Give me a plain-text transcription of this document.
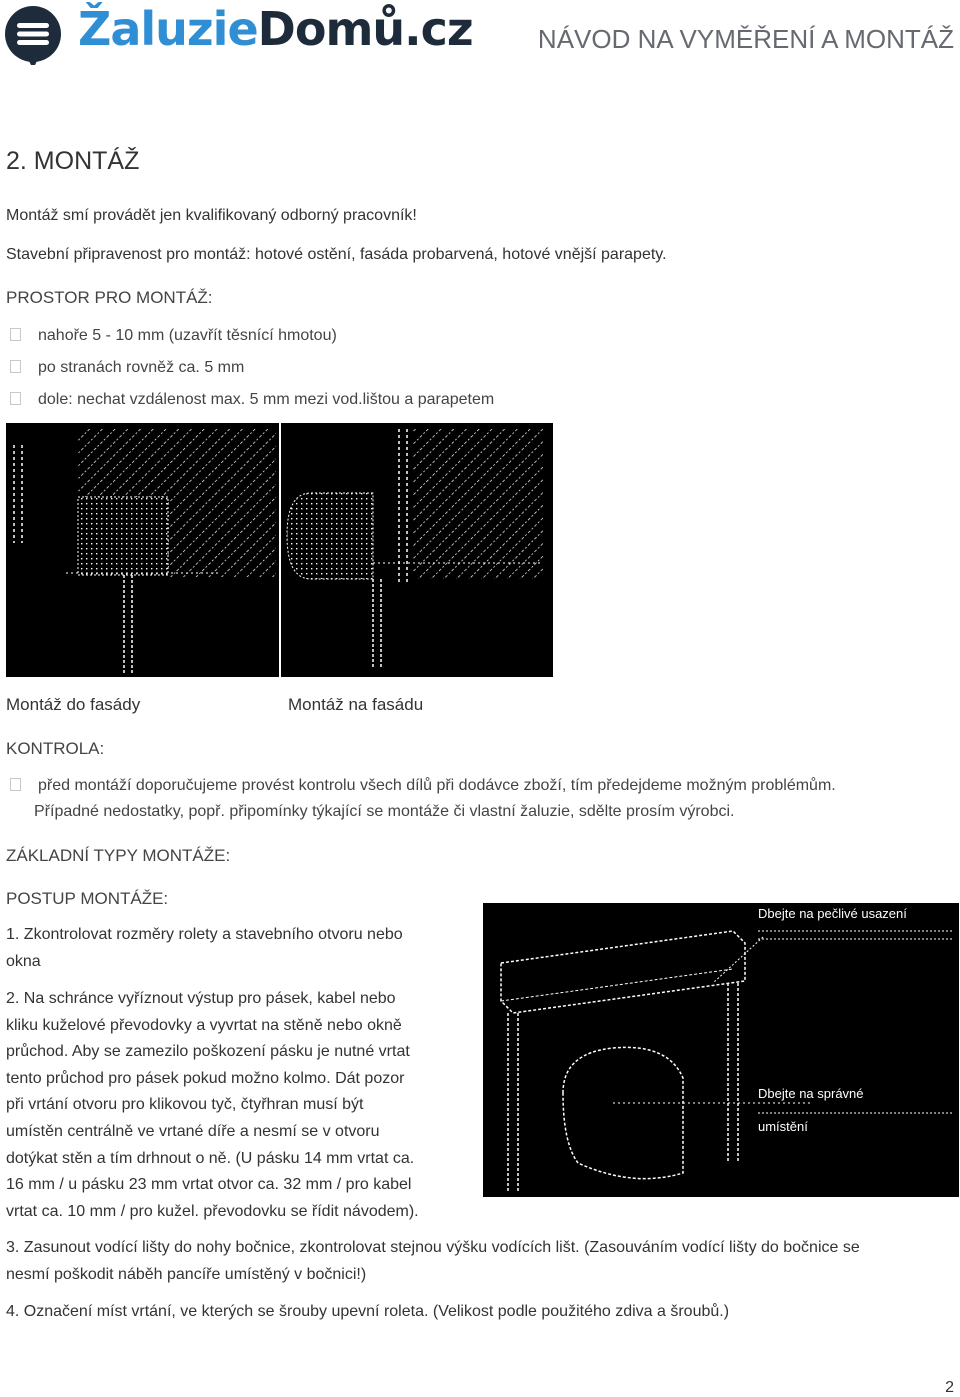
ŽaluzieDomů.cz	NÁVOD NA VYMĚŘENÍ A MONTÁŽ
2. MONTÁŽ
Montáž smí provádět jen kvalifikovaný odborný pracovník!
Stavební připravenost pro montáž: hotové ostění, fasáda probarvená, hotové vnější parapety.
PROSTOR PRO MONTÁŽ:
nahoře 5 - 10 mm (uzavřít těsnící hmotou)
po stranách rovněž ca. 5 mm
dole: nechat vzdálenost max. 5 mm mezi vod.lištou a parapetem
Montáž do fasády	Montáž na fasádu
KONTROLA:
před montáží doporučujeme provést kontrolu všech dílů při dodávce zboží, tím předejdeme možným problémům.
Případné nedostatky, popř. připomínky týkající se montáže či vlastní žaluzie, sdělte prosím výrobci.
ZÁKLADNÍ TYPY MONTÁŽE:
POSTUP MONTÁŽE:
1. Zkontrolovat rozměry rolety a stavebního otvoru nebo
okna
2. Na schránce vyříznout výstup pro pásek, kabel nebo
kliku kuželové převodovky a vyvrtat na stěně nebo okně
průchod. Aby se zamezilo poškození pásku je nutné vrtat
tento průchod pro pásek pokud možno kolmo. Dát pozor
při vrtání otvoru pro klikovou tyč, čtyřhran musí být
umístěn centrálně ve vrtané díře a nesmí se v otvoru
dotýkat stěn a tím drhnout o ně. (U pásku 14 mm vrtat ca.
16 mm / u pásku 23 mm vrtat otvor ca. 32 mm / pro kabel
vrtat ca. 10 mm / pro kužel. převodovku se řídit návodem).
Dbejte na pečlivé usazení
Dbejte na správné
umístění
3. Zasunout vodící lišty do nohy bočnice, zkontrolovat stejnou výšku vodících lišt. (Zasouváním vodící lišty do bočnice se
nesmí poškodit náběh pancíře umístěný v bočnici!)
4. Označení míst vrtání, ve kterých se šrouby upevní roleta. (Velikost podle použitého zdiva a šroubů.)
2
